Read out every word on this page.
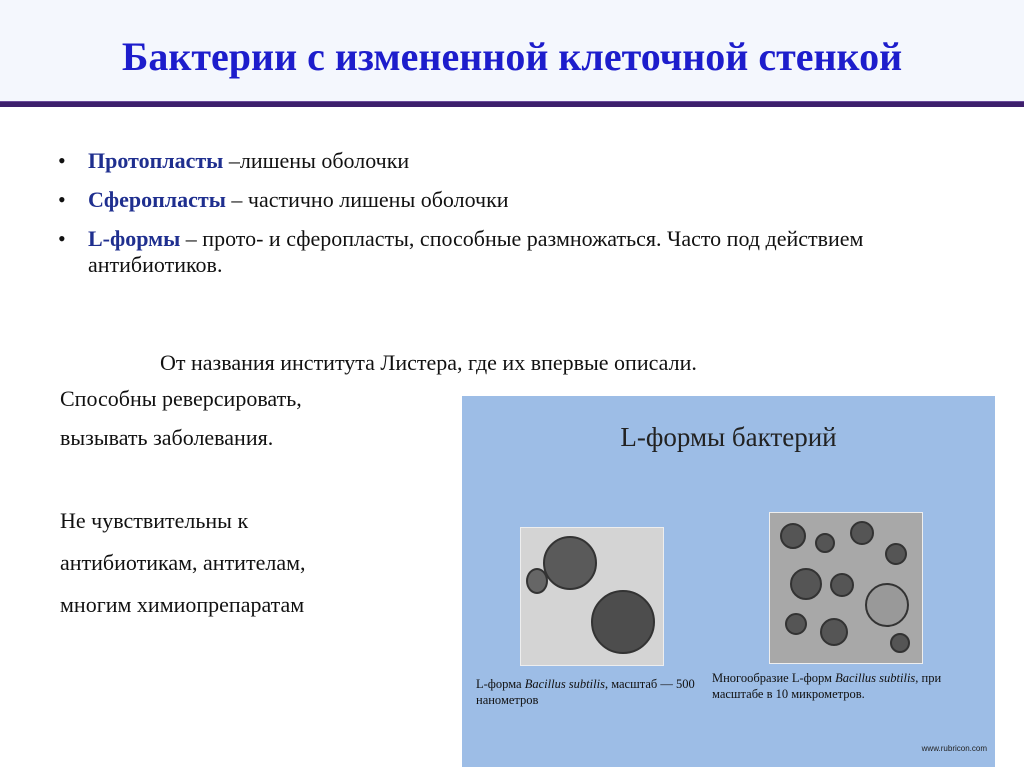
Бактерии с измененной клеточной стенкой
• Протопласты –лишены оболочки
• Сферопласты – частично лишены оболочки
• L-формы – прото- и сферопласты, способные размножаться. Часто под действием антибиотиков.
От названия института Листера, где их впервые описали.
Способны реверсировать,
вызывать заболевания.
Не чувствительны к
антибиотикам, антителам,
многим химиопрепаратам
L-формы бактерий
L-форма Bacillus subtilis, масштаб — 500 нанометров
Многообразие L-форм Bacillus subtilis, при масштабе в 10 микрометров.
www.rubricon.com
